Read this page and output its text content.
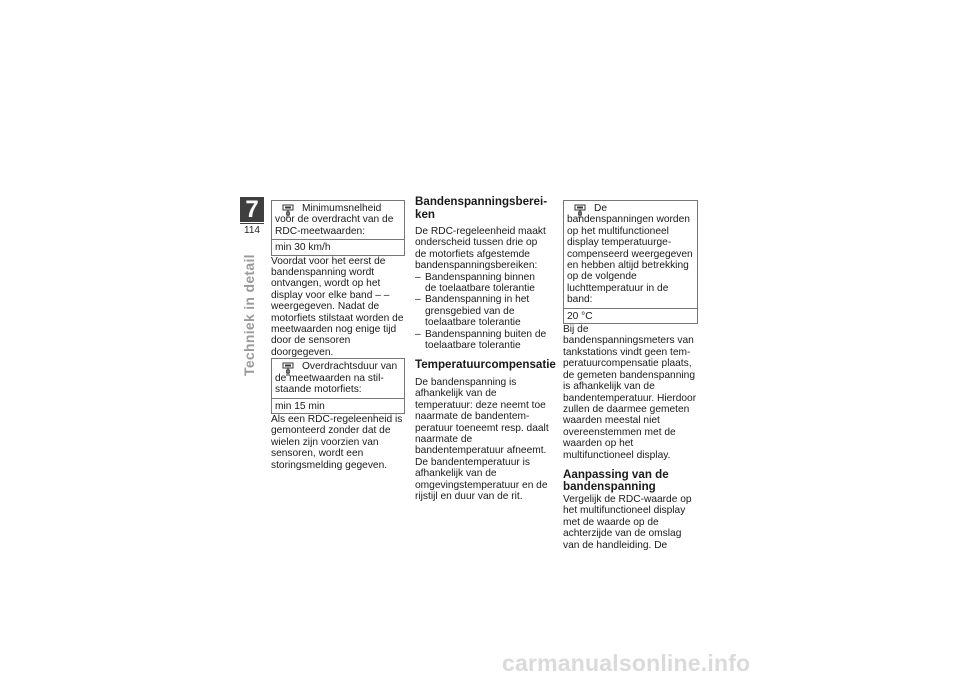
7
114
Techniek in detail

Minimumsnelheid voor de overdracht van de RDC-meetwaarden:

min 30 km/h

Voordat voor het eerst de bandenspanning wordt ontvangen, wordt op het display voor elke band – – weergegeven. Nadat de motorfiets stilstaat worden de meetwaarden nog enige tijd door de sensoren doorgegeven.

Overdrachtsduur van de meetwaarden na stilstaande motorfiets:

min 15 min

Als een RDC-regeleenheid is gemonteerd zonder dat de wielen zijn voorzien van sensoren, wordt een storingsmelding gegeven.

Bandenspanningsbereiken

De RDC-regeleenheid maakt onderscheid tussen drie op de motorfiets afgestemde bandenspanningsbereiken:

– Bandenspanning binnen de toelaatbare tolerantie
– Bandenspanning in het grensgebied van de toelaatbare tolerantie
– Bandenspanning buiten de toelaatbare tolerantie
Temperatuurcompensatie

De bandenspanning is afhankelijk van de temperatuur: deze neemt toe naarmate de bandentemperatuur toeneemt resp. daalt naarmate de bandentemperatuur afneemt. De bandentemperatuur is afhankelijk van de omgevingstemperatuur en de rijstijl en duur van de rit.

De bandenspanningen worden op het multifunctioneel display temperatuurgecompenseerd weergegeven en hebben altijd betrekking op de volgende luchttemperatuur in de band:

20 °C

Bij de bandenspanningsmeters van tankstations vindt geen temperatuurcompensatie plaats, de gemeten bandenspanning is afhankelijk van de bandentemperatuur. Hierdoor zullen de daarmee gemeten waarden meestal niet overeenstemmen met de waarden op het multifunctioneel display.

Aanpassing van de bandenspanning

Vergelijk de RDC-waarde op het multifunctioneel display met de waarde op de achterzijde van de omslag van de handleiding. De

carmanualsonline.info
